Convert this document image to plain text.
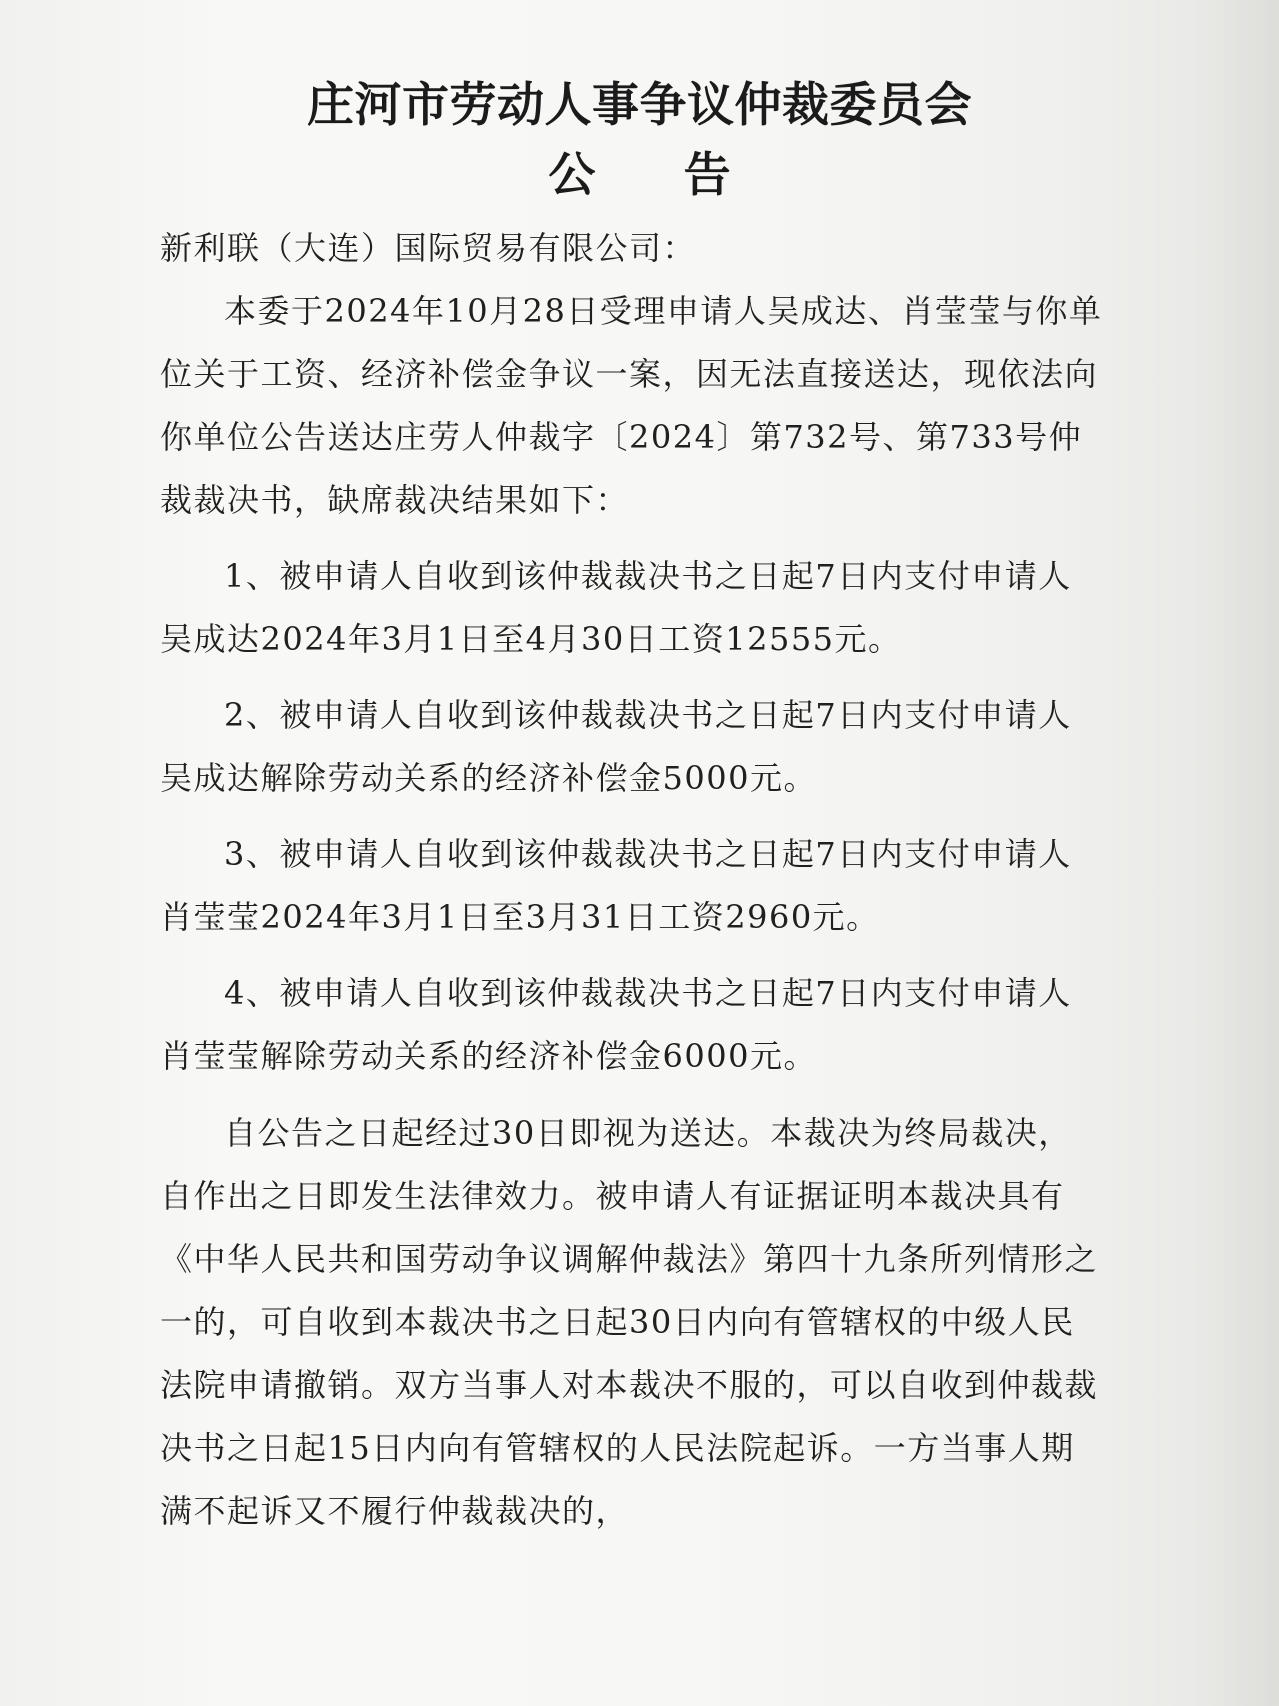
庄河市劳动人事争议仲裁委员会
公 告

新利联（大连）国际贸易有限公司：

本委于2024年10月28日受理申请人吴成达、肖莹莹与你单位关于工资、经济补偿金争议一案，因无法直接送达，现依法向你单位公告送达庄劳人仲裁字〔2024〕第732号、第733号仲裁裁决书，缺席裁决结果如下：

1、被申请人自收到该仲裁裁决书之日起7日内支付申请人吴成达2024年3月1日至4月30日工资12555元。

2、被申请人自收到该仲裁裁决书之日起7日内支付申请人吴成达解除劳动关系的经济补偿金5000元。

3、被申请人自收到该仲裁裁决书之日起7日内支付申请人肖莹莹2024年3月1日至3月31日工资2960元。

4、被申请人自收到该仲裁裁决书之日起7日内支付申请人肖莹莹解除劳动关系的经济补偿金6000元。

自公告之日起经过30日即视为送达。本裁决为终局裁决，自作出之日即发生法律效力。被申请人有证据证明本裁决具有《中华人民共和国劳动争议调解仲裁法》第四十九条所列情形之一的，可自收到本裁决书之日起30日内向有管辖权的中级人民法院申请撤销。双方当事人对本裁决不服的，可以自收到仲裁裁决书之日起15日内向有管辖权的人民法院起诉。一方当事人期满不起诉又不履行仲裁裁决的，
